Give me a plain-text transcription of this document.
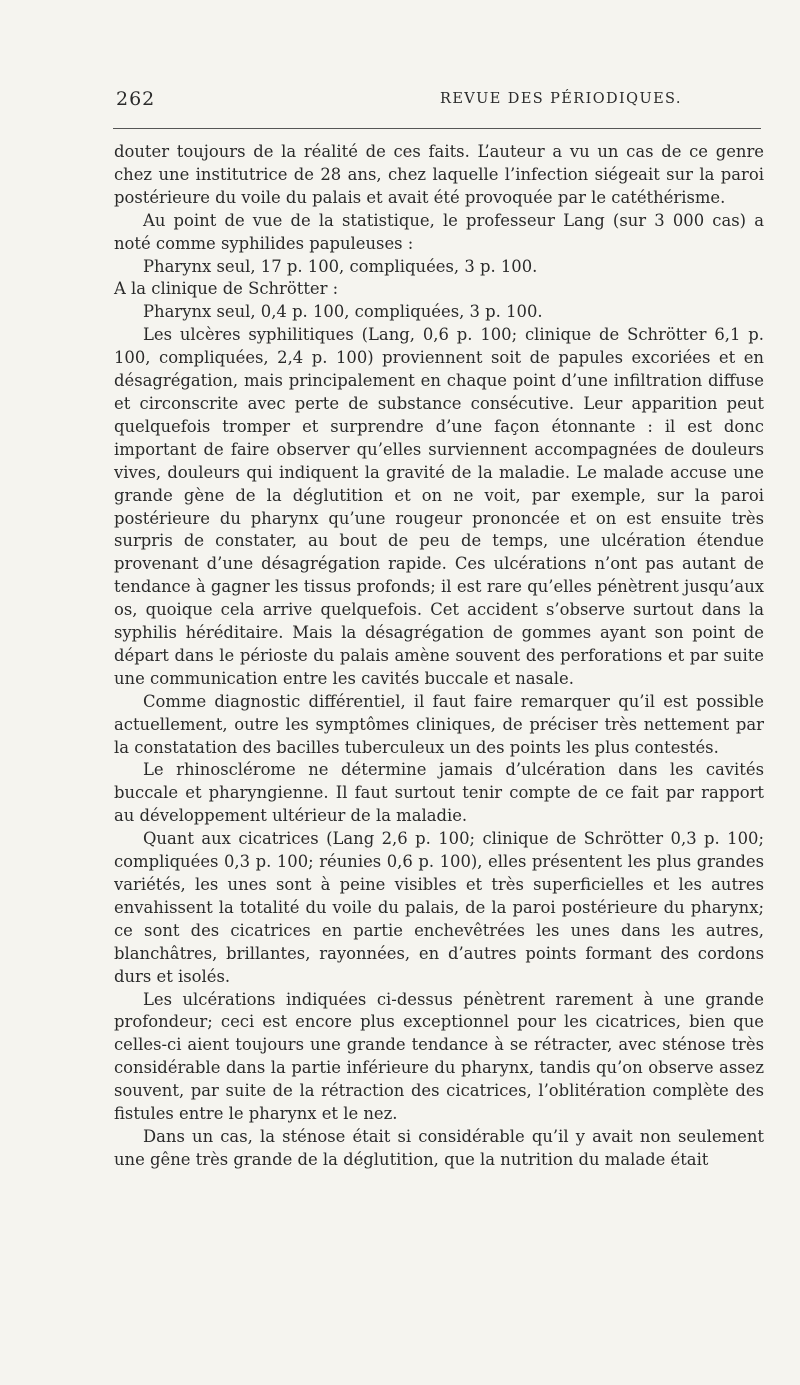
262	REVUE DES PÉRIODIQUES.

douter toujours de la réalité de ces faits. L’auteur a vu un cas de ce genre chez une institutrice de 28 ans, chez laquelle l’infection siégeait sur la paroi postérieure du voile du palais et avait été provoquée par le catéthérisme.

Au point de vue de la statistique, le professeur Lang (sur 3 000 cas) a noté comme syphilides papuleuses :

Pharynx seul, 17 p. 100, compliquées, 3 p. 100.

A la clinique de Schrötter :

Pharynx seul, 0,4 p. 100, compliquées, 3 p. 100.

Les ulcères syphilitiques (Lang, 0,6 p. 100; clinique de Schrötter 6,1 p. 100, compliquées, 2,4 p. 100) proviennent soit de papules excoriées et en désagrégation, mais principalement en chaque point d’une infiltration diffuse et circonscrite avec perte de substance consécutive. Leur apparition peut quelquefois tromper et surprendre d’une façon étonnante : il est donc important de faire observer qu’elles surviennent accompagnées de douleurs vives, douleurs qui indiquent la gravité de la maladie. Le malade accuse une grande gène de la déglutition et on ne voit, par exemple, sur la paroi postérieure du pharynx qu’une rougeur prononcée et on est ensuite très surpris de constater, au bout de peu de temps, une ulcération étendue provenant d’une désagrégation rapide. Ces ulcérations n’ont pas autant de tendance à gagner les tissus profonds; il est rare qu’elles pénètrent jusqu’aux os, quoique cela arrive quelquefois. Cet accident s’observe surtout dans la syphilis héréditaire. Mais la désagrégation de gommes ayant son point de départ dans le périoste du palais amène souvent des perforations et par suite une communication entre les cavités buccale et nasale.

Comme diagnostic différentiel, il faut faire remarquer qu’il est possible actuellement, outre les symptômes cliniques, de préciser très nettement par la constatation des bacilles tuberculeux un des points les plus contestés.

Le rhinosclérome ne détermine jamais d’ulcération dans les cavités buccale et pharyngienne. Il faut surtout tenir compte de ce fait par rapport au développement ultérieur de la maladie.

Quant aux cicatrices (Lang 2,6 p. 100; clinique de Schrötter 0,3 p. 100; compliquées 0,3 p. 100; réunies 0,6 p. 100), elles présentent les plus grandes variétés, les unes sont à peine visibles et très superficielles et les autres envahissent la totalité du voile du palais, de la paroi postérieure du pharynx; ce sont des cicatrices en partie enchevêtrées les unes dans les autres, blanchâtres, brillantes, rayonnées, en d’autres points formant des cordons durs et isolés.

Les ulcérations indiquées ci-dessus pénètrent rarement à une grande profondeur; ceci est encore plus exceptionnel pour les cicatrices, bien que celles-ci aient toujours une grande tendance à se rétracter, avec sténose très considérable dans la partie inférieure du pharynx, tandis qu’on observe assez souvent, par suite de la rétraction des cicatrices, l’oblitération complète des fistules entre le pharynx et le nez.

Dans un cas, la sténose était si considérable qu’il y avait non seulement une gêne très grande de la déglutition, que la nutrition du malade était
